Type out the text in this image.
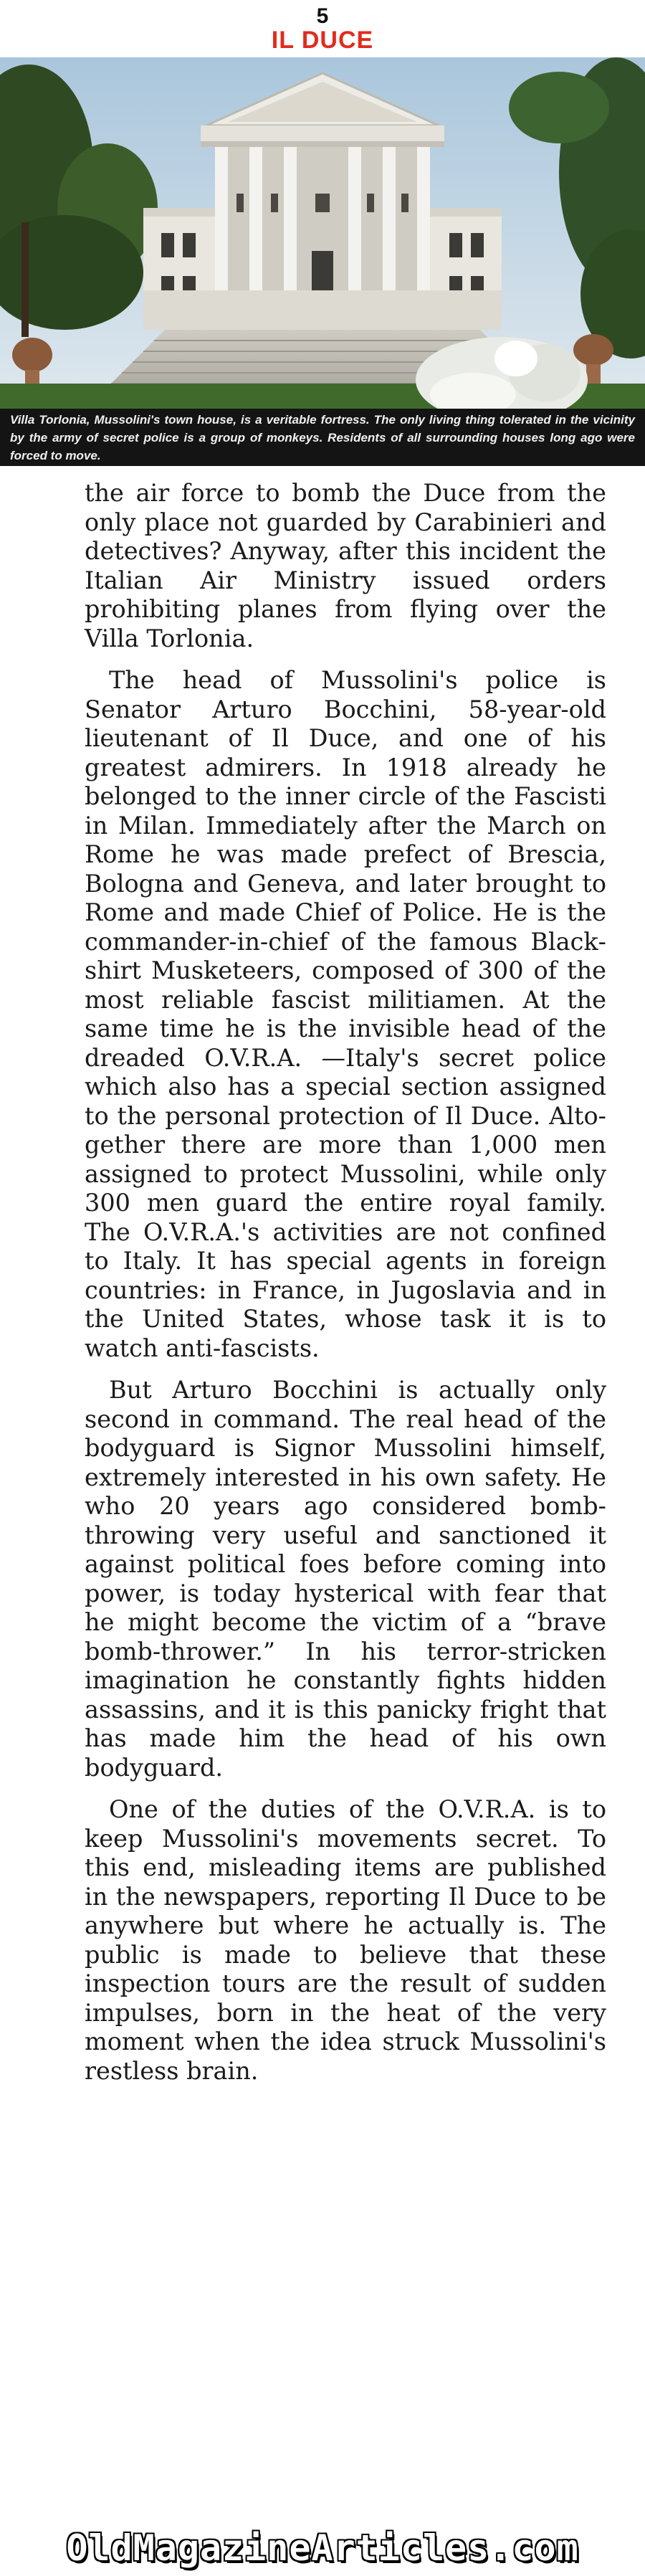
5
IL DUCE
Villa Torlonia, Mussolini's town house, is a veritable fortress. The only living thing tolerated in the vicinity by the army of secret police is a group of monkeys. Residents of all surrounding houses long ago were forced to move.

the air force to bomb the Duce from the only place not guarded by Carabinieri and detectives? Anyway, after this incident the Italian Air Ministry issued orders prohibiting planes from flying over the Villa Torlonia.

The head of Mussolini's police is Senator Arturo Bocchini, 58-year-old lieutenant of Il Duce, and one of his greatest admirers. In 1918 already he belonged to the inner circle of the Fascisti in Milan. Immediately after the March on Rome he was made prefect of Brescia, Bologna and Geneva, and later brought to Rome and made Chief of Police. He is the commander-in-chief of the famous Blackshirt Musketeers, composed of 300 of the most reliable fascist militiamen. At the same time he is the invisible head of the dreaded O.V.R.A. —Italy's secret police which also has a special section assigned to the personal protection of Il Duce. Altogether there are more than 1,000 men assigned to protect Mussolini, while only 300 men guard the entire royal family. The O.V.R.A.'s activities are not confined to Italy. It has special agents in foreign countries: in France, in Jugoslavia and in the United States, whose task it is to watch anti-fascists.

But Arturo Bocchini is actually only second in command. The real head of the bodyguard is Signor Mussolini himself, extremely interested in his own safety. He who 20 years ago considered bomb-throwing very useful and sanctioned it against political foes before coming into power, is today hysterical with fear that he might become the victim of a “brave bomb-thrower.” In his terror-stricken imagination he constantly fights hidden assassins, and it is this panicky fright that has made him the head of his own bodyguard.

One of the duties of the O.V.R.A. is to keep Mussolini's movements secret. To this end, misleading items are published in the newspapers, reporting Il Duce to be anywhere but where he actually is. The public is made to believe that these inspection tours are the result of sudden impulses, born in the heat of the very moment when the idea struck Mussolini's restless brain.

OldMagazineArticles.com
